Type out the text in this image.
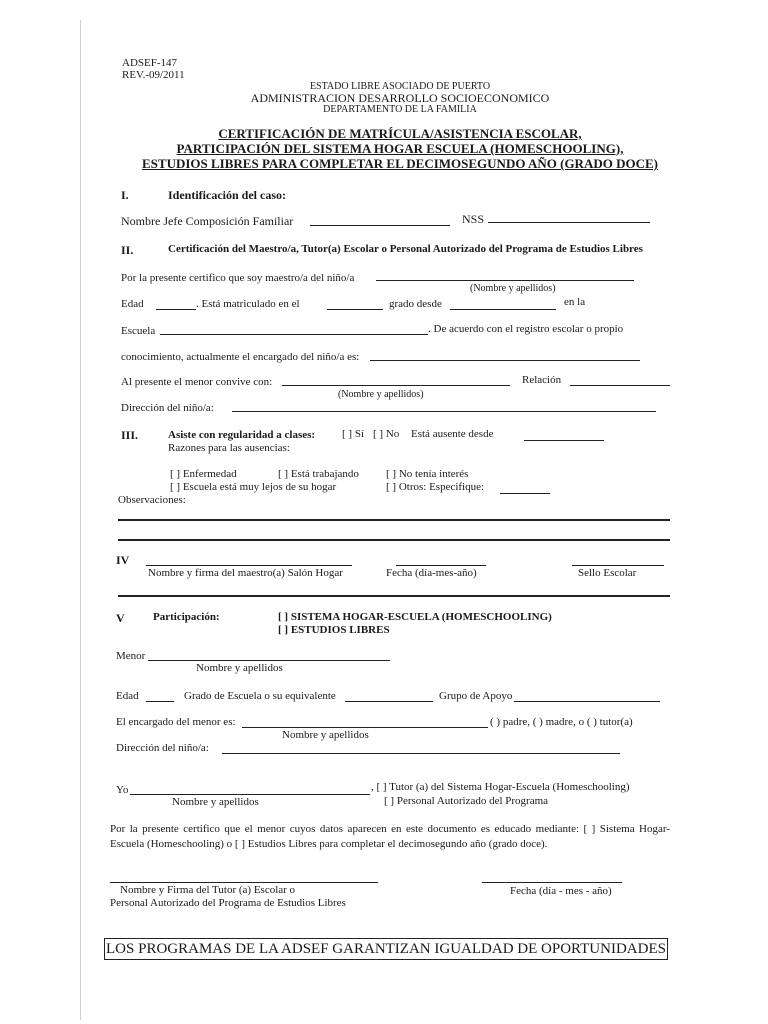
ADSEF-147
REV.-09/2011
ESTADO LIBRE ASOCIADO DE PUERTO
ADMINISTRACION DESARROLLO SOCIOECONOMICO
DEPARTAMENTO DE LA FAMILIA
CERTIFICACIÓN DE MATRÍCULA/ASISTENCIA ESCOLAR,
PARTICIPACIÓN DEL SISTEMA HOGAR ESCUELA (HOMESCHOOLING),
ESTUDIOS LIBRES PARA COMPLETAR EL DECIMOSEGUNDO AÑO (GRADO DOCE)
I.	Identificación del caso:
Nombre Jefe Composición Familiar	NSS
II.	Certificación del Maestro/a, Tutor(a) Escolar o Personal Autorizado del Programa de Estudios Libres
Por la presente certifico que soy maestro/a del niño/a
(Nombre y apellidos)
Edad	. Está matriculado en el	grado desde	en la
Escuela	. De acuerdo con el registro escolar o propio
conocimiento, actualmente el encargado del niño/a es:
Al presente el menor convive con:	Relación
(Nombre y apellidos)
Dirección del niño/a:
III.	Asiste con regularidad a clases: [ ] Sí [ ] No Está ausente desde
Razones para las ausencias:
[ ] Enfermedad	[ ] Está trabajando [ ] No tenía interés
[ ] Escuela está muy lejos de su hogar	[ ] Otros: Especifique:
Observaciones:
IV
Nombre y firma del maestro(a) Salón Hogar	Fecha (día-mes-año)	Sello Escolar
V	Participación:	[ ] SISTEMA HOGAR-ESCUELA (HOMESCHOOLING)
[ ] ESTUDIOS LIBRES
Menor
Nombre y apellidos
Edad	Grado de Escuela o su equivalente	Grupo de Apoyo
El encargado del menor es:	( ) padre, ( ) madre, o ( ) tutor(a)
Nombre y apellidos
Dirección del niño/a:
Yo	, [ ] Tutor (a) del Sistema Hogar-Escuela (Homeschooling)
Nombre y apellidos	[ ] Personal Autorizado del Programa
Por la presente certifico que el menor cuyos datos aparecen en este documento es educado mediante: [ ] Sistema Hogar-Escuela (Homeschooling) o [ ] Estudios Libres para completar el decimosegundo año (grado doce).
Nombre y Firma del Tutor (a) Escolar o
Personal Autorizado del Programa de Estudios Libres
Fecha (día - mes - año)
LOS PROGRAMAS DE LA ADSEF GARANTIZAN IGUALDAD DE OPORTUNIDADES
